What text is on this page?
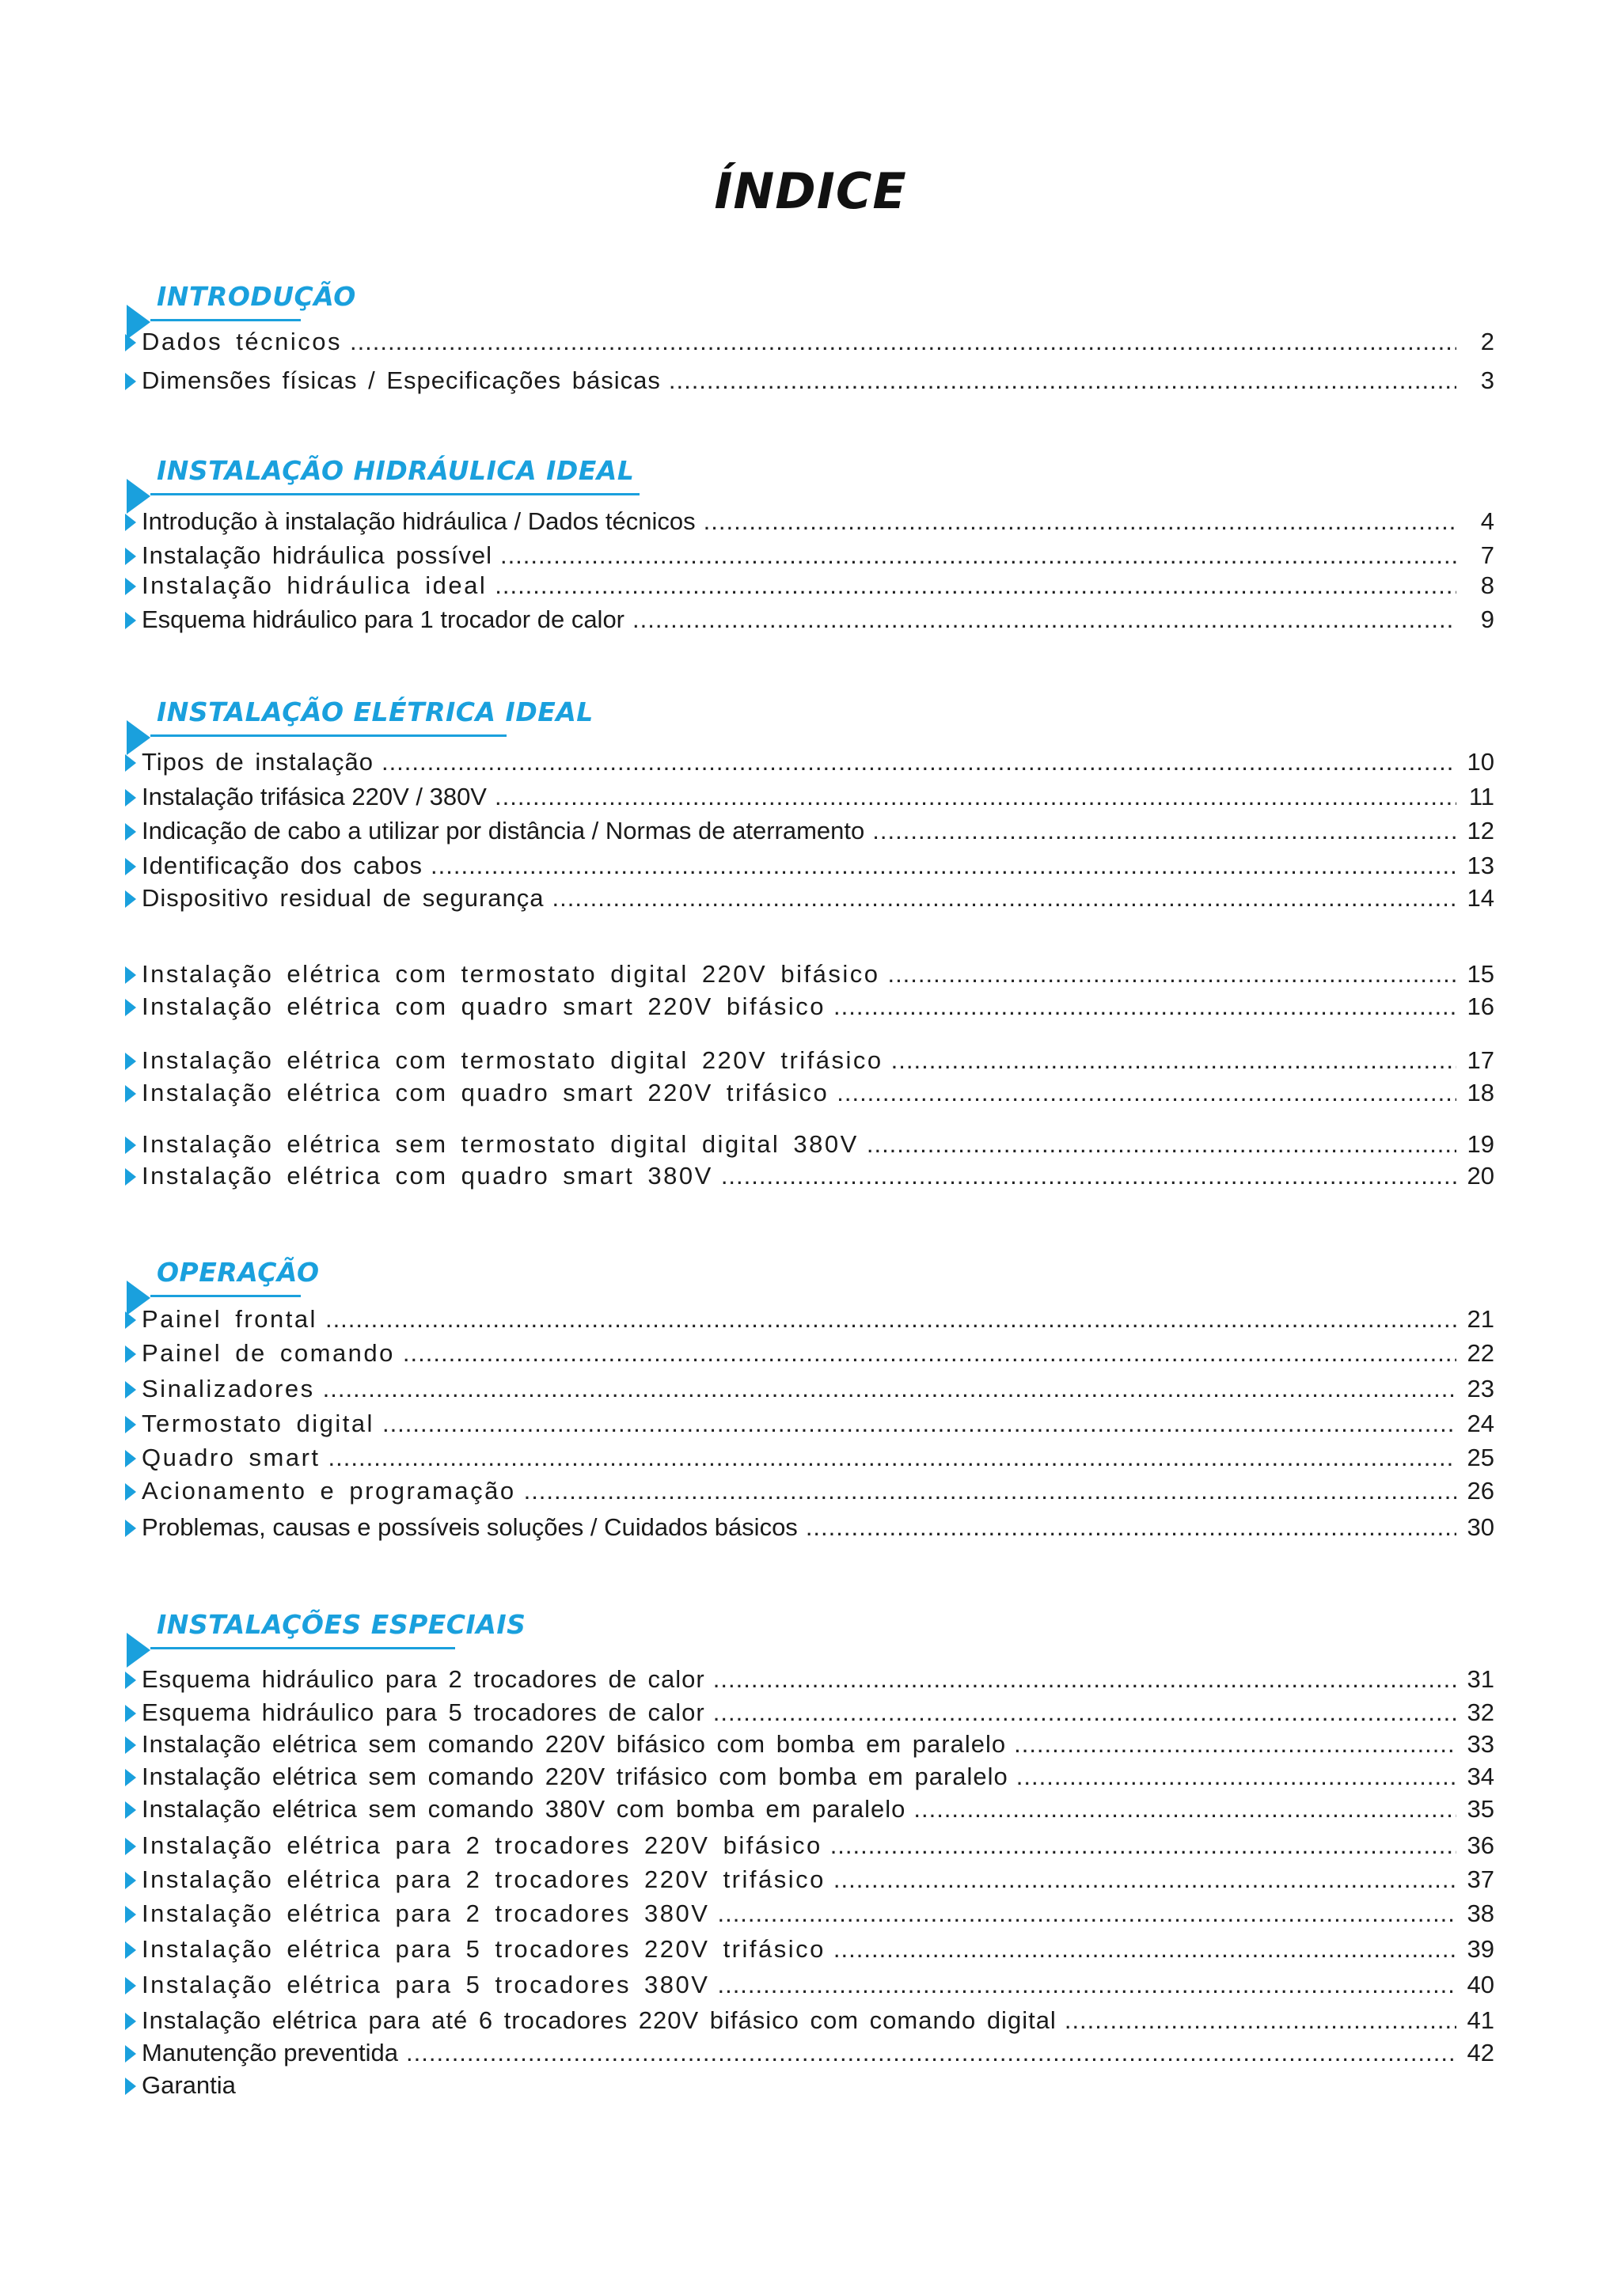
ÍNDICE
INTRODUÇÃO
Dados técnicos .....	2
Dimensões físicas / Especificações básicas .....	3
INSTALAÇÃO HIDRÁULICA IDEAL
Introdução à instalação hidráulica / Dados técnicos .....	4
Instalação hidráulica possível .....	7
Instalação hidráulica ideal .....	8
Esquema hidráulico para 1 trocador de calor .....	9
INSTALAÇÃO ELÉTRICA IDEAL
Tipos de instalação .....	10
Instalação trifásica 220V / 380V .....	11
Indicação de cabo a utilizar por distância / Normas de aterramento .....	12
Identificação dos cabos .....	13
Dispositivo residual de segurança .....	14
Instalação elétrica com termostato digital 220V bifásico .....	15
Instalação elétrica com quadro smart 220V bifásico .....	16
Instalação elétrica com termostato digital 220V trifásico .....	17
Instalação elétrica com quadro smart 220V trifásico .....	18
Instalação elétrica sem termostato digital digital 380V .....	19
Instalação elétrica com quadro smart 380V .....	20
OPERAÇÃO
Painel frontal .....	21
Painel de comando .....	22
Sinalizadores .....	23
Termostato digital .....	24
Quadro smart .....	25
Acionamento e programação .....	26
Problemas, causas e possíveis soluções / Cuidados básicos .....	30
INSTALAÇÕES ESPECIAIS
Esquema hidráulico para 2 trocadores de calor .....	31
Esquema hidráulico para 5 trocadores de calor .....	32
Instalação elétrica sem comando 220V bifásico com bomba em paralelo .....	33
Instalação elétrica sem comando 220V trifásico com bomba em paralelo .....	34
Instalação elétrica sem comando 380V com bomba em paralelo .....	35
Instalação elétrica para 2 trocadores 220V bifásico .....	36
Instalação elétrica para 2 trocadores 220V trifásico .....	37
Instalação elétrica para 2 trocadores 380V .....	38
Instalação elétrica para 5 trocadores 220V trifásico .....	39
Instalação elétrica para 5 trocadores 380V .....	40
Instalação elétrica para até 6 trocadores 220V bifásico com comando digital .....	41
Manutenção preventida .....	42
Garantia
